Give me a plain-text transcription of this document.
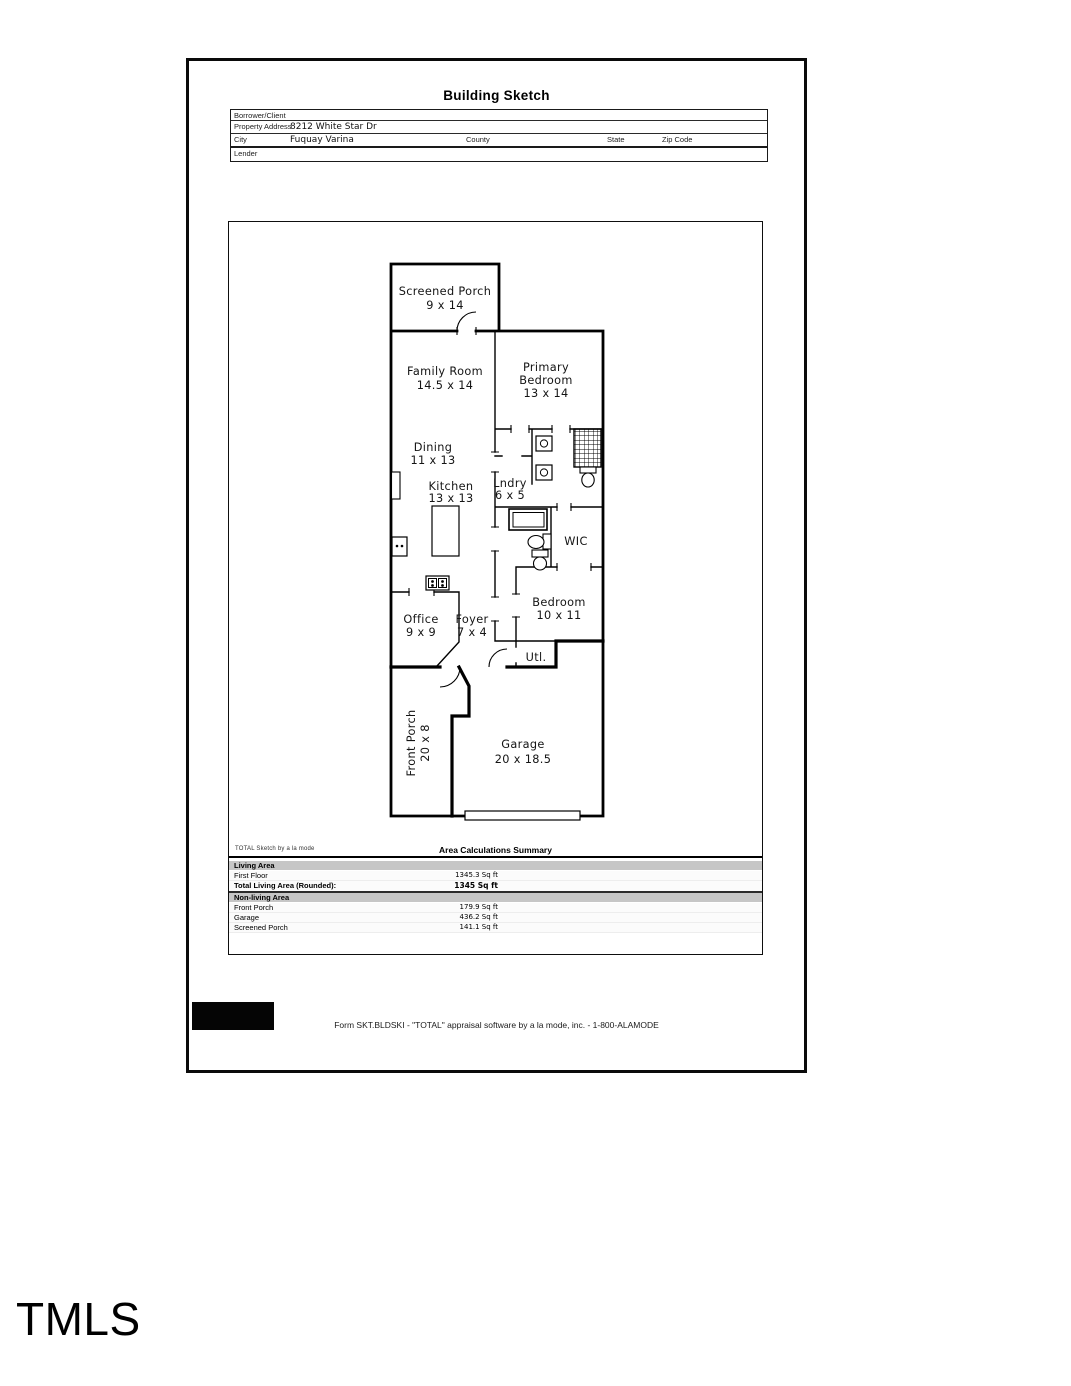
Building Sketch
Borrower/Client
Property Address
8212 White Star Dr
City	Fuquay Varina	County	State	Zip Code
Lender
Screened Porch
9 x 14
Family Room
14.5 x 14
Primary
Bedroom
13 x 14
Dining
11 x 13
Kitchen
13 x 13
Lndry
6 x 5
WIC
Bedroom
10 x 11
Office
9 x 9
Foyer
7 x 4
Utl.
Front Porch 20 x 8	Garage
20 x 18.5
TOTAL Sketch by a la mode	Area Calculations Summary
Living Area
First Floor	1345.3 Sq ft
Total Living Area (Rounded):	1345 Sq ft
Non-living Area
Front Porch	179.9 Sq ft
Garage	436.2 Sq ft
Screened Porch	141.1 Sq ft
Form SKT.BLDSKI - "TOTAL" appraisal software by a la mode, inc. - 1-800-ALAMODE
TMLS
